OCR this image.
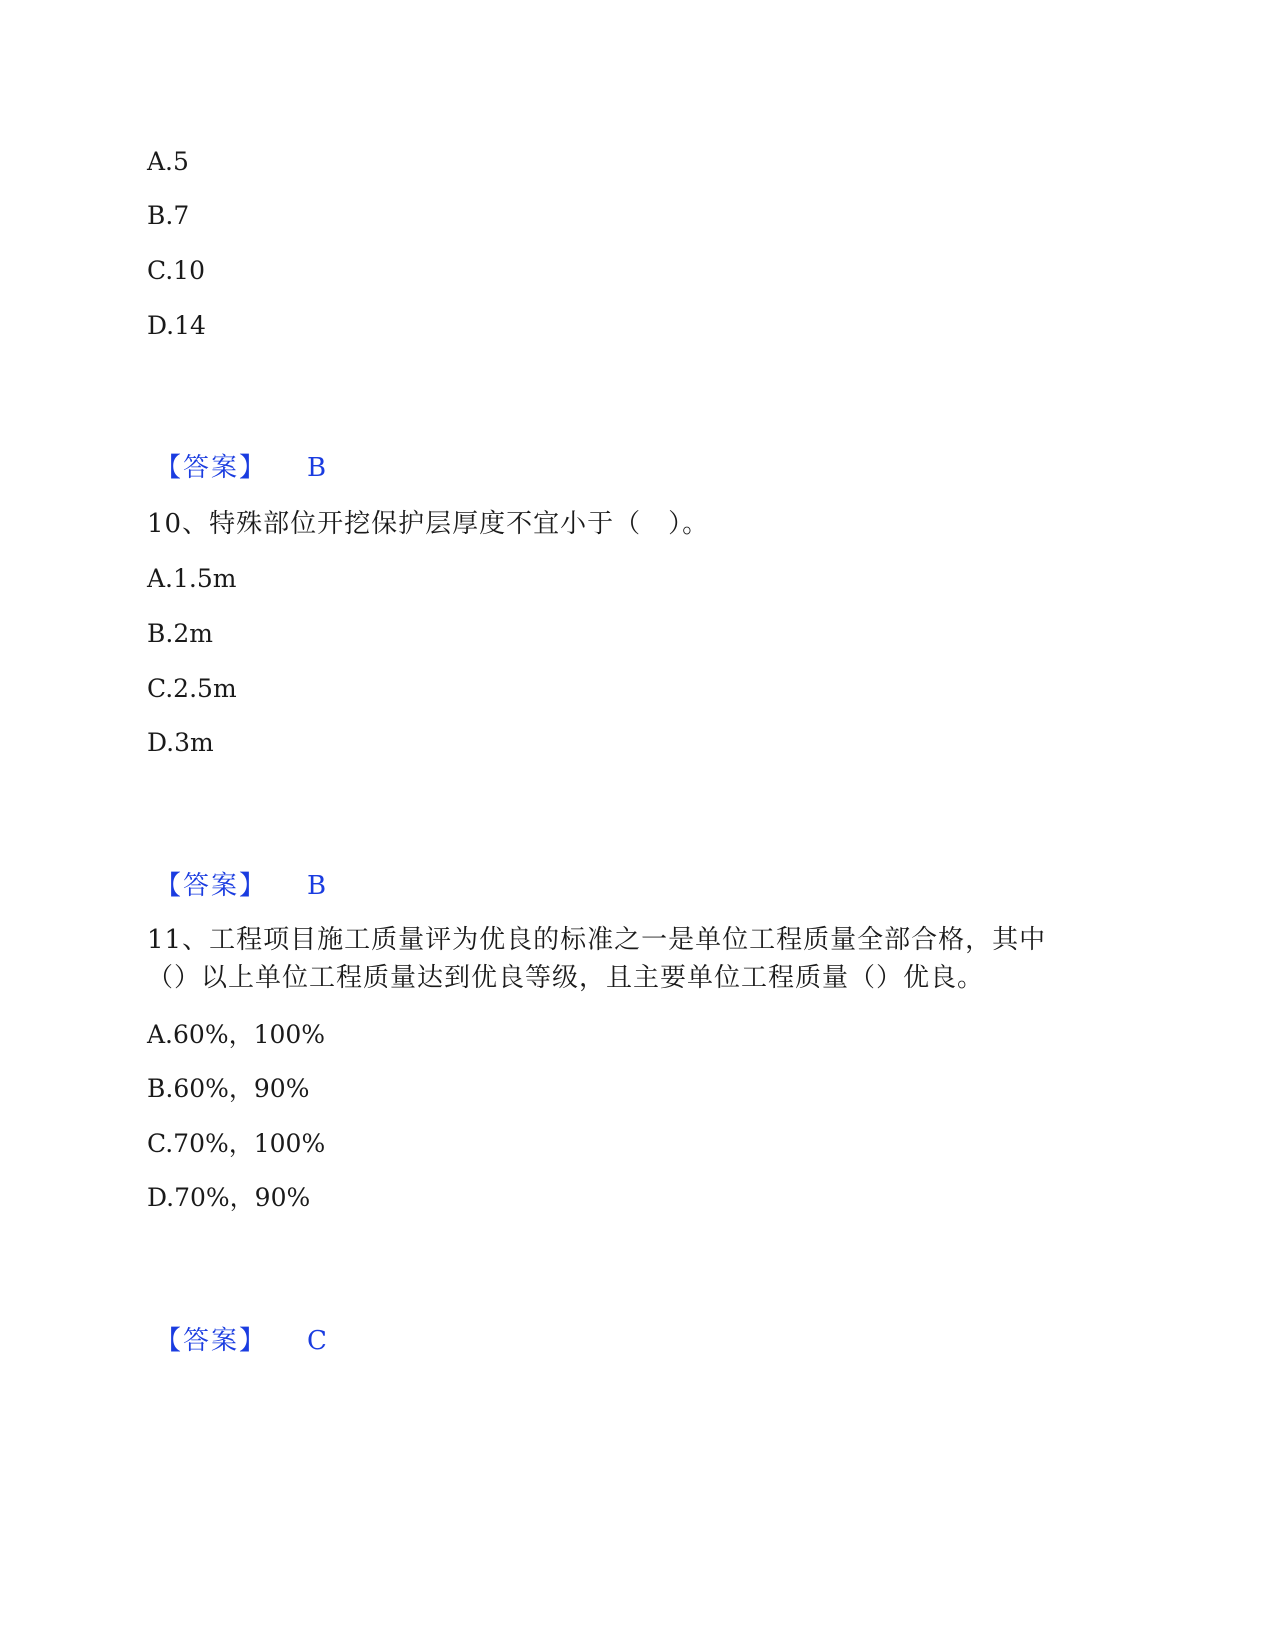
A.5
B.7
C.10
D.14
【答案】 B
10、特殊部位开挖保护层厚度不宜小于（　）。
A.1.5m
B.2m
C.2.5m
D.3m
【答案】 B
11、工程项目施工质量评为优良的标准之一是单位工程质量全部合格，其中
（）以上单位工程质量达到优良等级，且主要单位工程质量（）优良。
A.60%，100%
B.60%，90%
C.70%，100%
D.70%，90%
【答案】 C
